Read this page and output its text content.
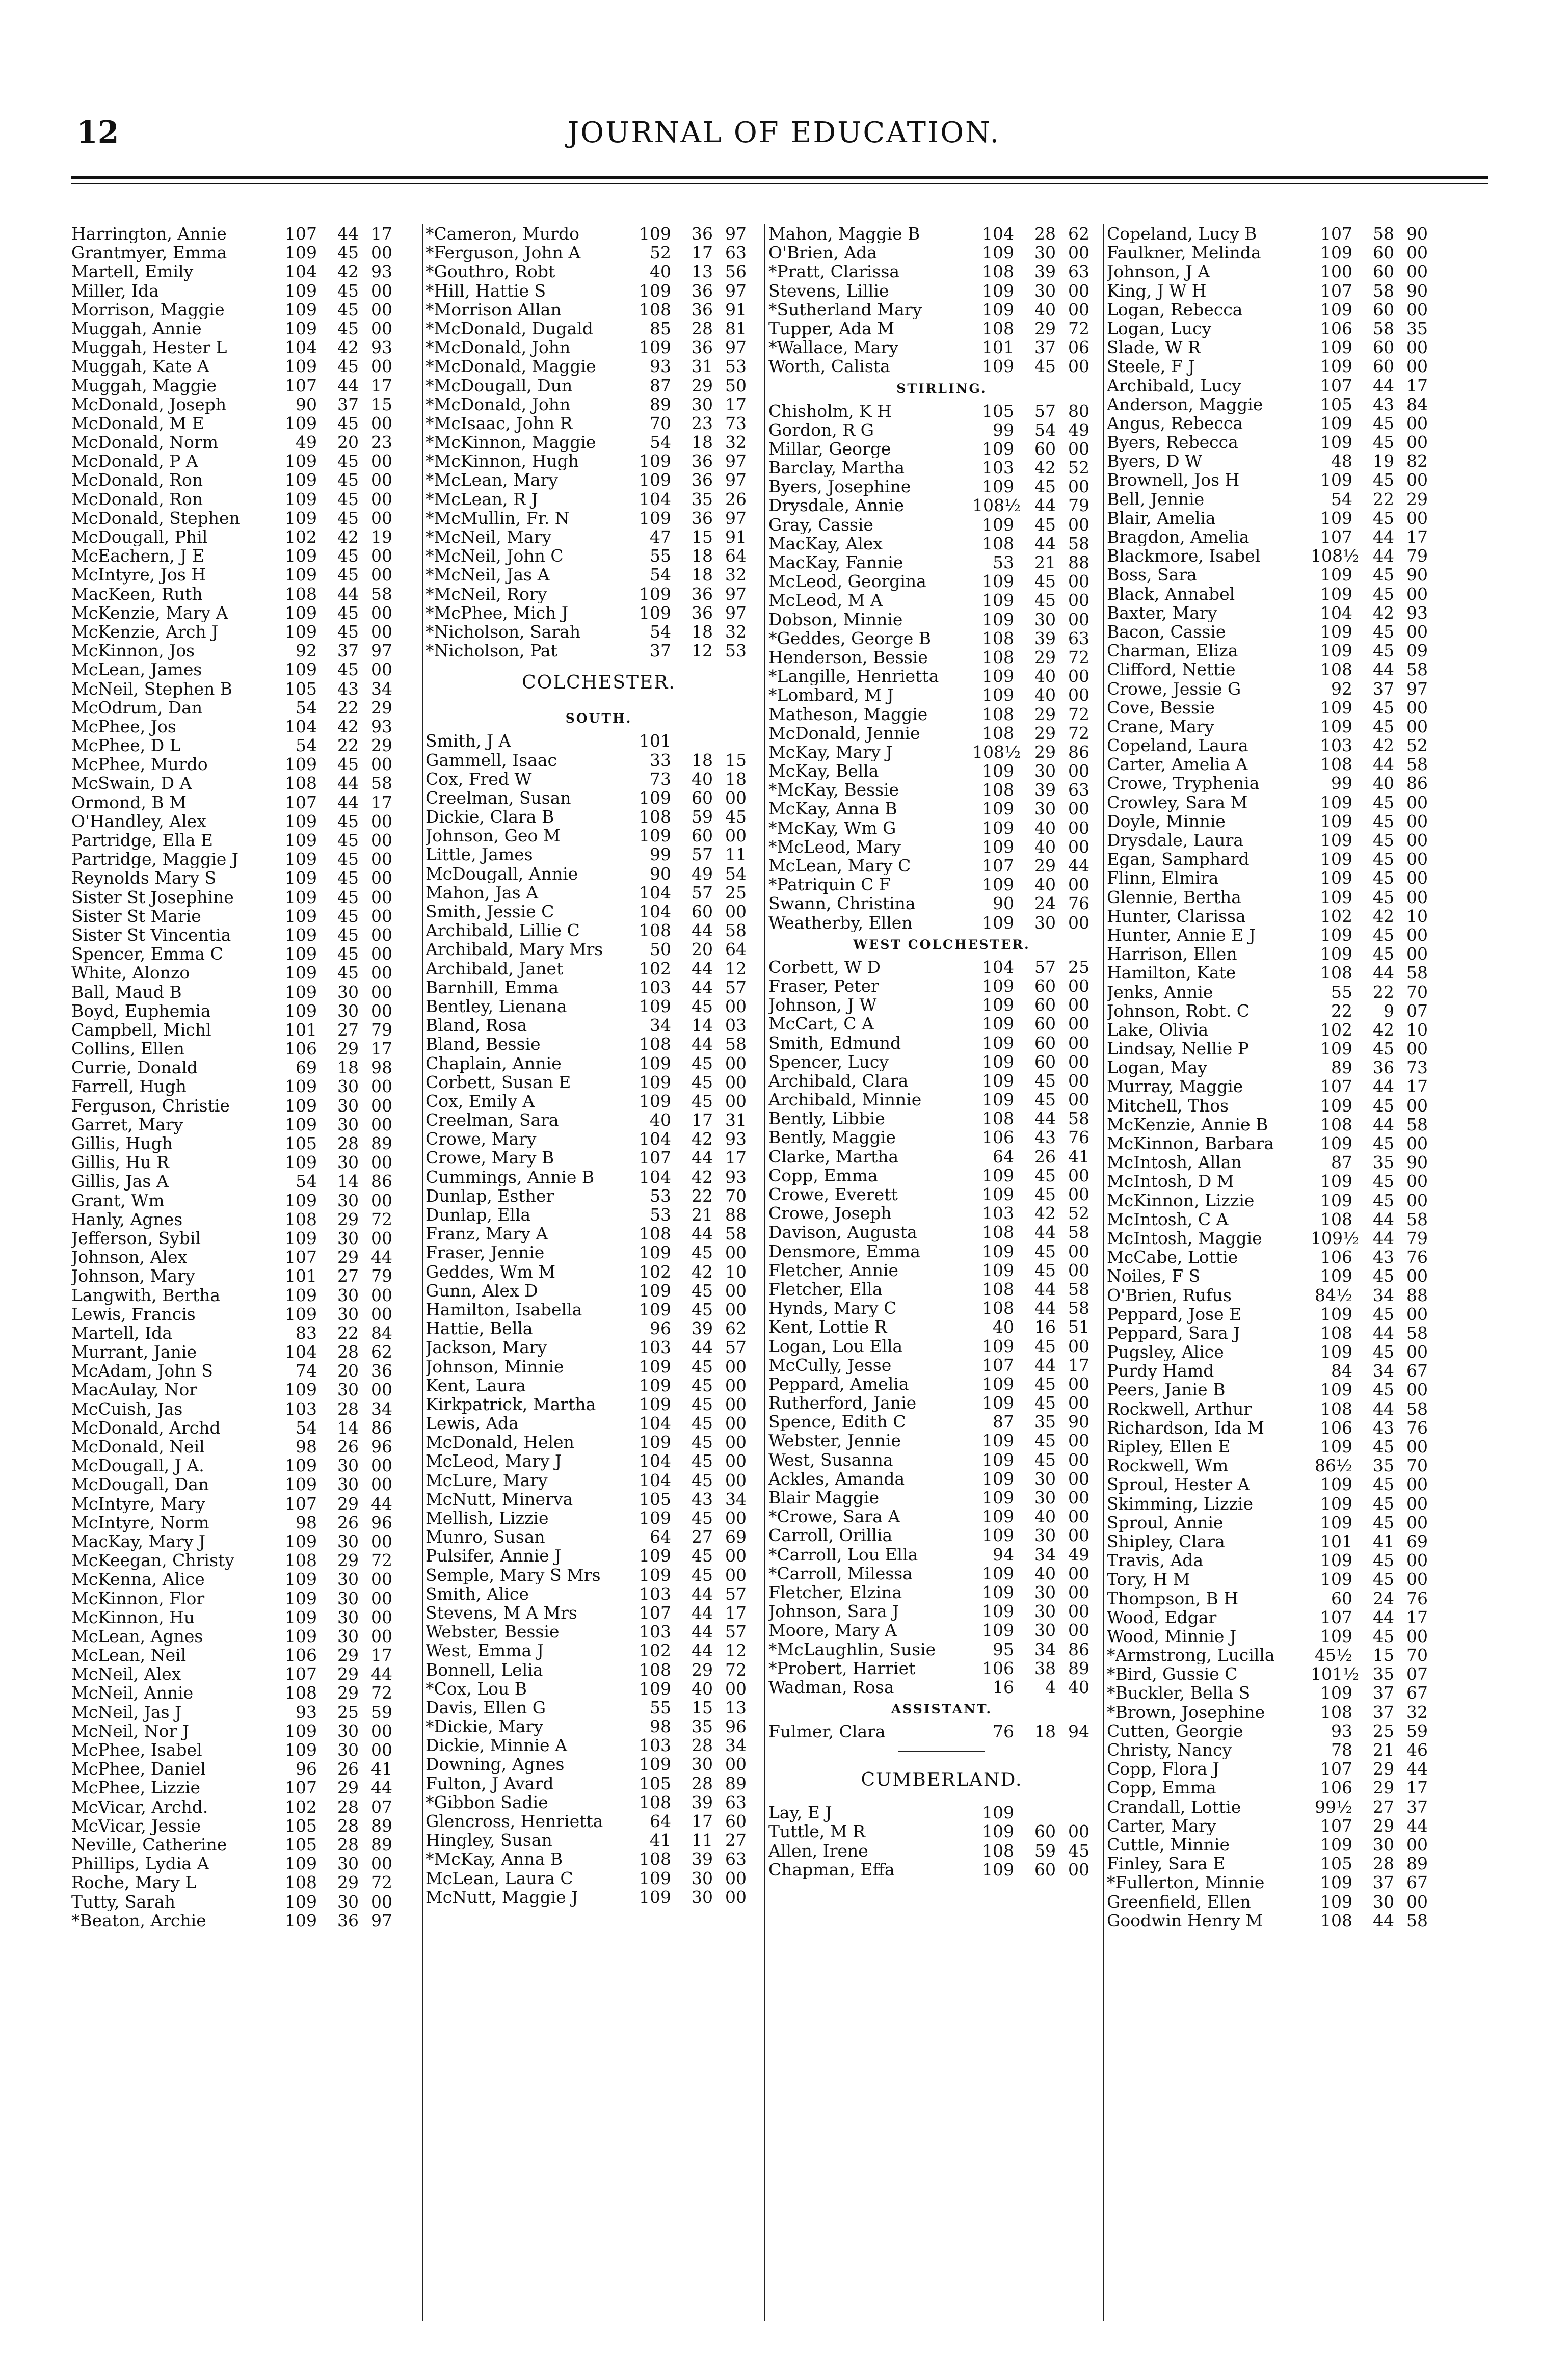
12	JOURNAL OF EDUCATION.
Harrington, Annie	107	44 17
Grantmyer, Emma	109	45 00
Martell, Emily	104	42 93
Miller, Ida	109	45 00
Morrison, Maggie	109	45 00
Muggah, Annie	109	45 00
Muggah, Hester L	104	42 93
Muggah, Kate A	109	45 00
Muggah, Maggie	107	44 17
McDonald, Joseph	90	37 15
McDonald, M E	109	45 00
McDonald, Norm	49	20 23
McDonald, P A	109	45 00
McDonald, Ron	109	45 00
McDonald, Ron	109	45 00
McDonald, Stephen	109	45 00
McDougall, Phil	102	42 19
McEachern, J E	109	45 00
McIntyre, Jos H	109	45 00
MacKeen, Ruth	108	44 58
McKenzie, Mary A	109	45 00
McKenzie, Arch J	109	45 00
McKinnon, Jos	92	37 97
McLean, James	109	45 00
McNeil, Stephen B	105	43 34
McOdrum, Dan	54	22 29
McPhee, Jos	104	42 93
McPhee, D L	54	22 29
McPhee, Murdo	109	45 00
McSwain, D A	108	44 58
Ormond, B M	107	44 17
O'Handley, Alex	109	45 00
Partridge, Ella E	109	45 00
Partridge, Maggie J	109	45 00
Reynolds Mary S	109	45 00
Sister St Josephine	109	45 00
Sister St Marie	109	45 00
Sister St Vincentia	109	45 00
Spencer, Emma C	109	45 00
White, Alonzo	109	45 00
Ball, Maud B	109	30 00
Boyd, Euphemia	109	30 00
Campbell, Michl	101	27 79
Collins, Ellen	106	29 17
Currie, Donald	69	18 98
Farrell, Hugh	109	30 00
Ferguson, Christie	109	30 00
Garret, Mary	109	30 00
Gillis, Hugh	105	28 89
Gillis, Hu R	109	30 00
Gillis, Jas A	54	14 86
Grant, Wm	109	30 00
Hanly, Agnes	108	29 72
Jefferson, Sybil	109	30 00
Johnson, Alex	107	29 44
Johnson, Mary	101	27 79
Langwith, Bertha	109	30 00
Lewis, Francis	109	30 00
Martell, Ida	83	22 84
Murrant, Janie	104	28 62
McAdam, John S	74	20 36
MacAulay, Nor	109	30 00
McCuish, Jas	103	28 34
McDonald, Archd	54	14 86
McDonald, Neil	98	26 96
McDougall, J A.	109	30 00
McDougall, Dan	109	30 00
McIntyre, Mary	107	29 44
McIntyre, Norm	98	26 96
MacKay, Mary J	109	30 00
McKeegan, Christy	108	29 72
McKenna, Alice	109	30 00
McKinnon, Flor	109	30 00
McKinnon, Hu	109	30 00
McLean, Agnes	109	30 00
McLean, Neil	106	29 17
McNeil, Alex	107	29 44
McNeil, Annie	108	29 72
McNeil, Jas J	93	25 59
McNeil, Nor J	109	30 00
McPhee, Isabel	109	30 00
McPhee, Daniel	96	26 41
McPhee, Lizzie	107	29 44
McVicar, Archd.	102	28 07
McVicar, Jessie	105	28 89
Neville, Catherine	105	28 89
Phillips, Lydia A	109	30 00
Roche, Mary L	108	29 72
Tutty, Sarah	109	30 00
*Beaton, Archie	109	36 97
*Cameron, Murdo	109	36 97
*Ferguson, John A	52	17 63
*Gouthro, Robt	40	13 56
*Hill, Hattie S	109	36 97
*Morrison Allan	108	36 91
*McDonald, Dugald	85	28 81
*McDonald, John	109	36 97
*McDonald, Maggie	93	31 53
*McDougall, Dun	87	29 50
*McDonald, John	89	30 17
*McIsaac, John R	70	23 73
*McKinnon, Maggie	54	18 32
*McKinnon, Hugh	109	36 97
*McLean, Mary	109	36 97
*McLean, R J	104	35 26
*McMullin, Fr. N	109	36 97
*McNeil, Mary	47	15 91
*McNeil, John C	55	18 64
*McNeil, Jas A	54	18 32
*McNeil, Rory	109	36 97
*McPhee, Mich J	109	36 97
*Nicholson, Sarah	54	18 32
*Nicholson, Pat	37	12 53
COLCHESTER.
SOUTH.
Smith, J A	101
Gammell, Isaac	33	18 15
Cox, Fred W	73	40 18
Creelman, Susan	109	60 00
Dickie, Clara B	108	59 45
Johnson, Geo M	109	60 00
Little, James	99	57 11
McDougall, Annie	90	49 54
Mahon, Jas A	104	57 25
Smith, Jessie C	104	60 00
Archibald, Lillie C	108	44 58
Archibald, Mary Mrs	50	20 64
Archibald, Janet	102	44 12
Barnhill, Emma	103	44 57
Bentley, Lienana	109	45 00
Bland, Rosa	34	14 03
Bland, Bessie	108	44 58
Chaplain, Annie	109	45 00
Corbett, Susan E	109	45 00
Cox, Emily A	109	45 00
Creelman, Sara	40	17 31
Crowe, Mary	104	42 93
Crowe, Mary B	107	44 17
Cummings, Annie B	104	42 93
Dunlap, Esther	53	22 70
Dunlap, Ella	53	21 88
Franz, Mary A	108	44 58
Fraser, Jennie	109	45 00
Geddes, Wm M	102	42 10
Gunn, Alex D	109	45 00
Hamilton, Isabella	109	45 00
Hattie, Bella	96	39 62
Jackson, Mary	103	44 57
Johnson, Minnie	109	45 00
Kent, Laura	109	45 00
Kirkpatrick, Martha	109	45 00
Lewis, Ada	104	45 00
McDonald, Helen	109	45 00
McLeod, Mary J	104	45 00
McLure, Mary	104	45 00
McNutt, Minerva	105	43 34
Mellish, Lizzie	109	45 00
Munro, Susan	64	27 69
Pulsifer, Annie J	109	45 00
Semple, Mary S Mrs	109	45 00
Smith, Alice	103	44 57
Stevens, M A Mrs	107	44 17
Webster, Bessie	103	44 57
West, Emma J	102	44 12
Bonnell, Lelia	108	29 72
*Cox, Lou B	109	40 00
Davis, Ellen G	55	15 13
*Dickie, Mary	98	35 96
Dickie, Minnie A	103	28 34
Downing, Agnes	109	30 00
Fulton, J Avard	105	28 89
*Gibbon Sadie	108	39 63
Glencross, Henrietta	64	17 60
Hingley, Susan	41	11 27
*McKay, Anna B	108	39 63
McLean, Laura C	109	30 00
McNutt, Maggie J	109	30 00
Mahon, Maggie B	104	28 62
O'Brien, Ada	109	30 00
*Pratt, Clarissa	108	39 63
Stevens, Lillie	109	30 00
*Sutherland Mary	109	40 00
Tupper, Ada M	108	29 72
*Wallace, Mary	101	37 06
Worth, Calista	109	45 00
STIRLING.
Chisholm, K H	105	57 80
Gordon, R G	99	54 49
Millar, George	109	60 00
Barclay, Martha	103	42 52
Byers, Josephine	109	45 00
Drysdale, Annie	108½ 44 79
Gray, Cassie	109	45 00
MacKay, Alex	108	44 58
MacKay, Fannie	53	21 88
McLeod, Georgina	109	45 00
McLeod, M A	109	45 00
Dobson, Minnie	109	30 00
*Geddes, George B	108	39 63
Henderson, Bessie	108	29 72
*Langille, Henrietta	109	40 00
*Lombard, M J	109	40 00
Matheson, Maggie	108	29 72
McDonald, Jennie	108	29 72
McKay, Mary J	108½ 29 86
McKay, Bella	109	30 00
*McKay, Bessie	108	39 63
McKay, Anna B	109	30 00
*McKay, Wm G	109	40 00
*McLeod, Mary	109	40 00
McLean, Mary C	107	29 44
*Patriquin C F	109	40 00
Swann, Christina	90	24 76
Weatherby, Ellen	109	30 00
WEST COLCHESTER.
Corbett, W D	104	57 25
Fraser, Peter	109	60 00
Johnson, J W	109	60 00
McCart, C A	109	60 00
Smith, Edmund	109	60 00
Spencer, Lucy	109	60 00
Archibald, Clara	109	45 00
Archibald, Minnie	109	45 00
Bently, Libbie	108	44 58
Bently, Maggie	106	43 76
Clarke, Martha	64	26 41
Copp, Emma	109	45 00
Crowe, Everett	109	45 00
Crowe, Joseph	103	42 52
Davison, Augusta	108	44 58
Densmore, Emma	109	45 00
Fletcher, Annie	109	45 00
Fletcher, Ella	108	44 58
Hynds, Mary C	108	44 58
Kent, Lottie R	40	16 51
Logan, Lou Ella	109	45 00
McCully, Jesse	107	44 17
Peppard, Amelia	109	45 00
Rutherford, Janie	109	45 00
Spence, Edith C	87	35 90
Webster, Jennie	109	45 00
West, Susanna	109	45 00
Ackles, Amanda	109	30 00
Blair Maggie	109	30 00
*Crowe, Sara A	109	40 00
Carroll, Orillia	109	30 00
*Carroll, Lou Ella	94	34 49
*Carroll, Milessa	109	40 00
Fletcher, Elzina	109	30 00
Johnson, Sara J	109	30 00
Moore, Mary A	109	30 00
*McLaughlin, Susie	95	34 86
*Probert, Harriet	106	38 89
Wadman, Rosa	16	4 40
ASSISTANT.
Fulmer, Clara	76	18 94
CUMBERLAND.
Lay, E J	109
Tuttle, M R	109	60 00
Allen, Irene	108	59 45
Chapman, Effa	109	60 00
Copeland, Lucy B	107	58 90
Faulkner, Melinda	109	60 00
Johnson, J A	100	60 00
King, J W H	107	58 90
Logan, Rebecca	109	60 00
Logan, Lucy	106	58 35
Slade, W R	109	60 00
Steele, F J	109	60 00
Archibald, Lucy	107	44 17
Anderson, Maggie	105	43 84
Angus, Rebecca	109	45 00
Byers, Rebecca	109	45 00
Byers, D W	48	19 82
Brownell, Jos H	109	45 00
Bell, Jennie	54	22 29
Blair, Amelia	109	45 00
Bragdon, Amelia	107	44 17
Blackmore, Isabel	108½ 44 79
Boss, Sara	109	45 90
Black, Annabel	109	45 00
Baxter, Mary	104	42 93
Bacon, Cassie	109	45 00
Charman, Eliza	109	45 09
Clifford, Nettie	108	44 58
Crowe, Jessie G	92	37 97
Cove, Bessie	109	45 00
Crane, Mary	109	45 00
Copeland, Laura	103	42 52
Carter, Amelia A	108	44 58
Crowe, Tryphenia	99	40 86
Crowley, Sara M	109	45 00
Doyle, Minnie	109	45 00
Drysdale, Laura	109	45 00
Egan, Samphard	109	45 00
Flinn, Elmira	109	45 00
Glennie, Bertha	109	45 00
Hunter, Clarissa	102	42 10
Hunter, Annie E J	109	45 00
Harrison, Ellen	109	45 00
Hamilton, Kate	108	44 58
Jenks, Annie	55	22 70
Johnson, Robt. C	22	9 07
Lake, Olivia	102	42 10
Lindsay, Nellie P	109	45 00
Logan, May	89	36 73
Murray, Maggie	107	44 17
Mitchell, Thos	109	45 00
McKenzie, Annie B	108	44 58
McKinnon, Barbara	109	45 00
McIntosh, Allan	87	35 90
McIntosh, D M	109	45 00
McKinnon, Lizzie	109	45 00
McIntosh, C A	108	44 58
McIntosh, Maggie	109½ 44 79
McCabe, Lottie	106	43 76
Noiles, F S	109	45 00
O'Brien, Rufus	84½	34 88
Peppard, Jose E	109	45 00
Peppard, Sara J	108	44 58
Pugsley, Alice	109	45 00
Purdy Hamd	84	34 67
Peers, Janie B	109	45 00
Rockwell, Arthur	108	44 58
Richardson, Ida M	106	43 76
Ripley, Ellen E	109	45 00
Rockwell, Wm	86½	35 70
Sproul, Hester A	109	45 00
Skimming, Lizzie	109	45 00
Sproul, Annie	109	45 00
Shipley, Clara	101	41 69
Travis, Ada	109	45 00
Tory, H M	109	45 00
Thompson, B H	60	24 76
Wood, Edgar	107	44 17
Wood, Minnie J	109	45 00
*Armstrong, Lucilla	45½	15 70
*Bird, Gussie C	101½ 35 07
*Buckler, Bella S	109	37 67
*Brown, Josephine	108	37 32
Cutten, Georgie	93	25 59
Christy, Nancy	78	21 46
Copp, Flora J	107	29 44
Copp, Emma	106	29 17
Crandall, Lottie	99½	27 37
Carter, Mary	107	29 44
Cuttle, Minnie	109	30 00
Finley, Sara E	105	28 89
*Fullerton, Minnie	109	37 67
Greenfield, Ellen	109	30 00
Goodwin Henry M	108	44 58
